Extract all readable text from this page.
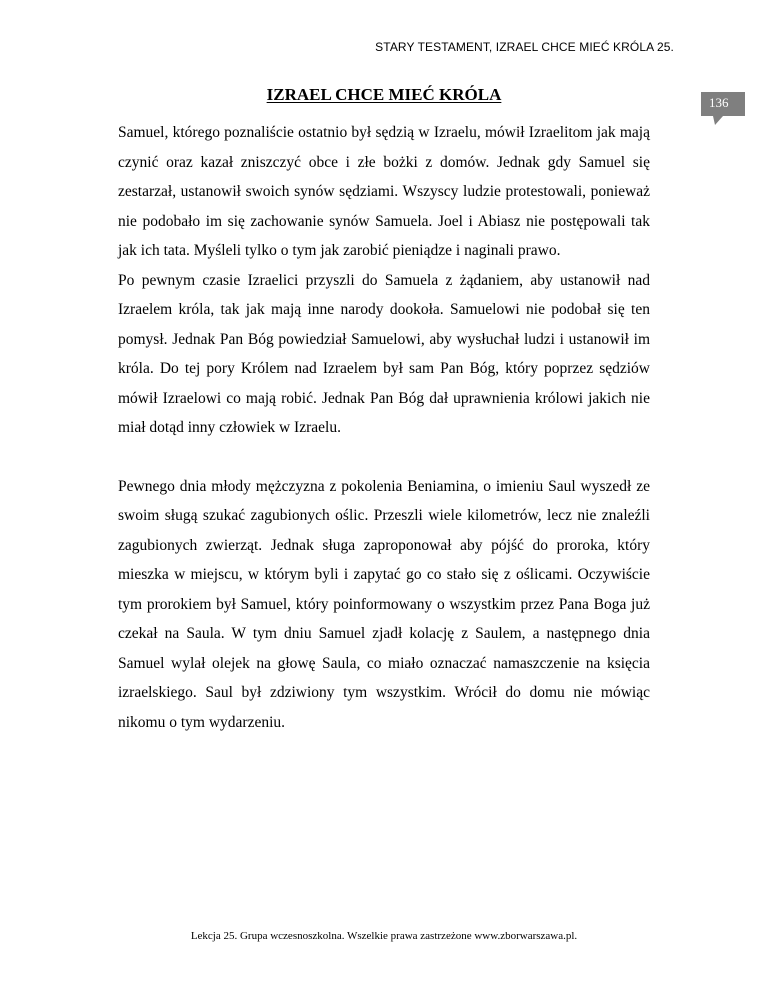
STARY TESTAMENT, IZRAEL CHCE MIEĆ KRÓLA 25.
IZRAEL CHCE MIEĆ KRÓLA	136

Samuel, którego poznaliście ostatnio był sędzią w Izraelu, mówił Izraelitom jak mają czynić oraz kazał zniszczyć obce i złe bożki z domów. Jednak gdy Samuel się zestarzał, ustanowił swoich synów sędziami. Wszyscy ludzie protestowali, ponieważ nie podobało im się zachowanie synów Samuela. Joel i Abiasz nie postępowali tak jak ich tata. Myśleli tylko o tym jak zarobić pieniądze i naginali prawo.

Po pewnym czasie Izraelici przyszli do Samuela z żądaniem, aby ustanowił nad Izraelem króla, tak jak mają inne narody dookoła. Samuelowi nie podobał się ten pomysł. Jednak Pan Bóg powiedział Samuelowi, aby wysłuchał ludzi i ustanowił im króla. Do tej pory Królem nad Izraelem był sam Pan Bóg, który poprzez sędziów mówił Izraelowi co mają robić. Jednak Pan Bóg dał uprawnienia królowi jakich nie miał dotąd inny człowiek w Izraelu.

Pewnego dnia młody mężczyzna z pokolenia Beniamina, o imieniu Saul wyszedł ze swoim sługą szukać zagubionych oślic. Przeszli wiele kilometrów, lecz nie znaleźli zagubionych zwierząt. Jednak sługa zaproponował aby pójść do proroka, który mieszka w miejscu, w którym byli i zapytać go co stało się z oślicami. Oczywiście tym prorokiem był Samuel, który poinformowany o wszystkim przez Pana Boga już czekał na Saula. W tym dniu Samuel zjadł kolację z Saulem, a następnego dnia Samuel wylał olejek na głowę Saula, co miało oznaczać namaszczenie na księcia izraelskiego. Saul był zdziwiony tym wszystkim. Wrócił do domu nie mówiąc nikomu o tym wydarzeniu.

Lekcja 25. Grupa wczesnoszkolna. Wszelkie prawa zastrzeżone www.zborwarszawa.pl.
